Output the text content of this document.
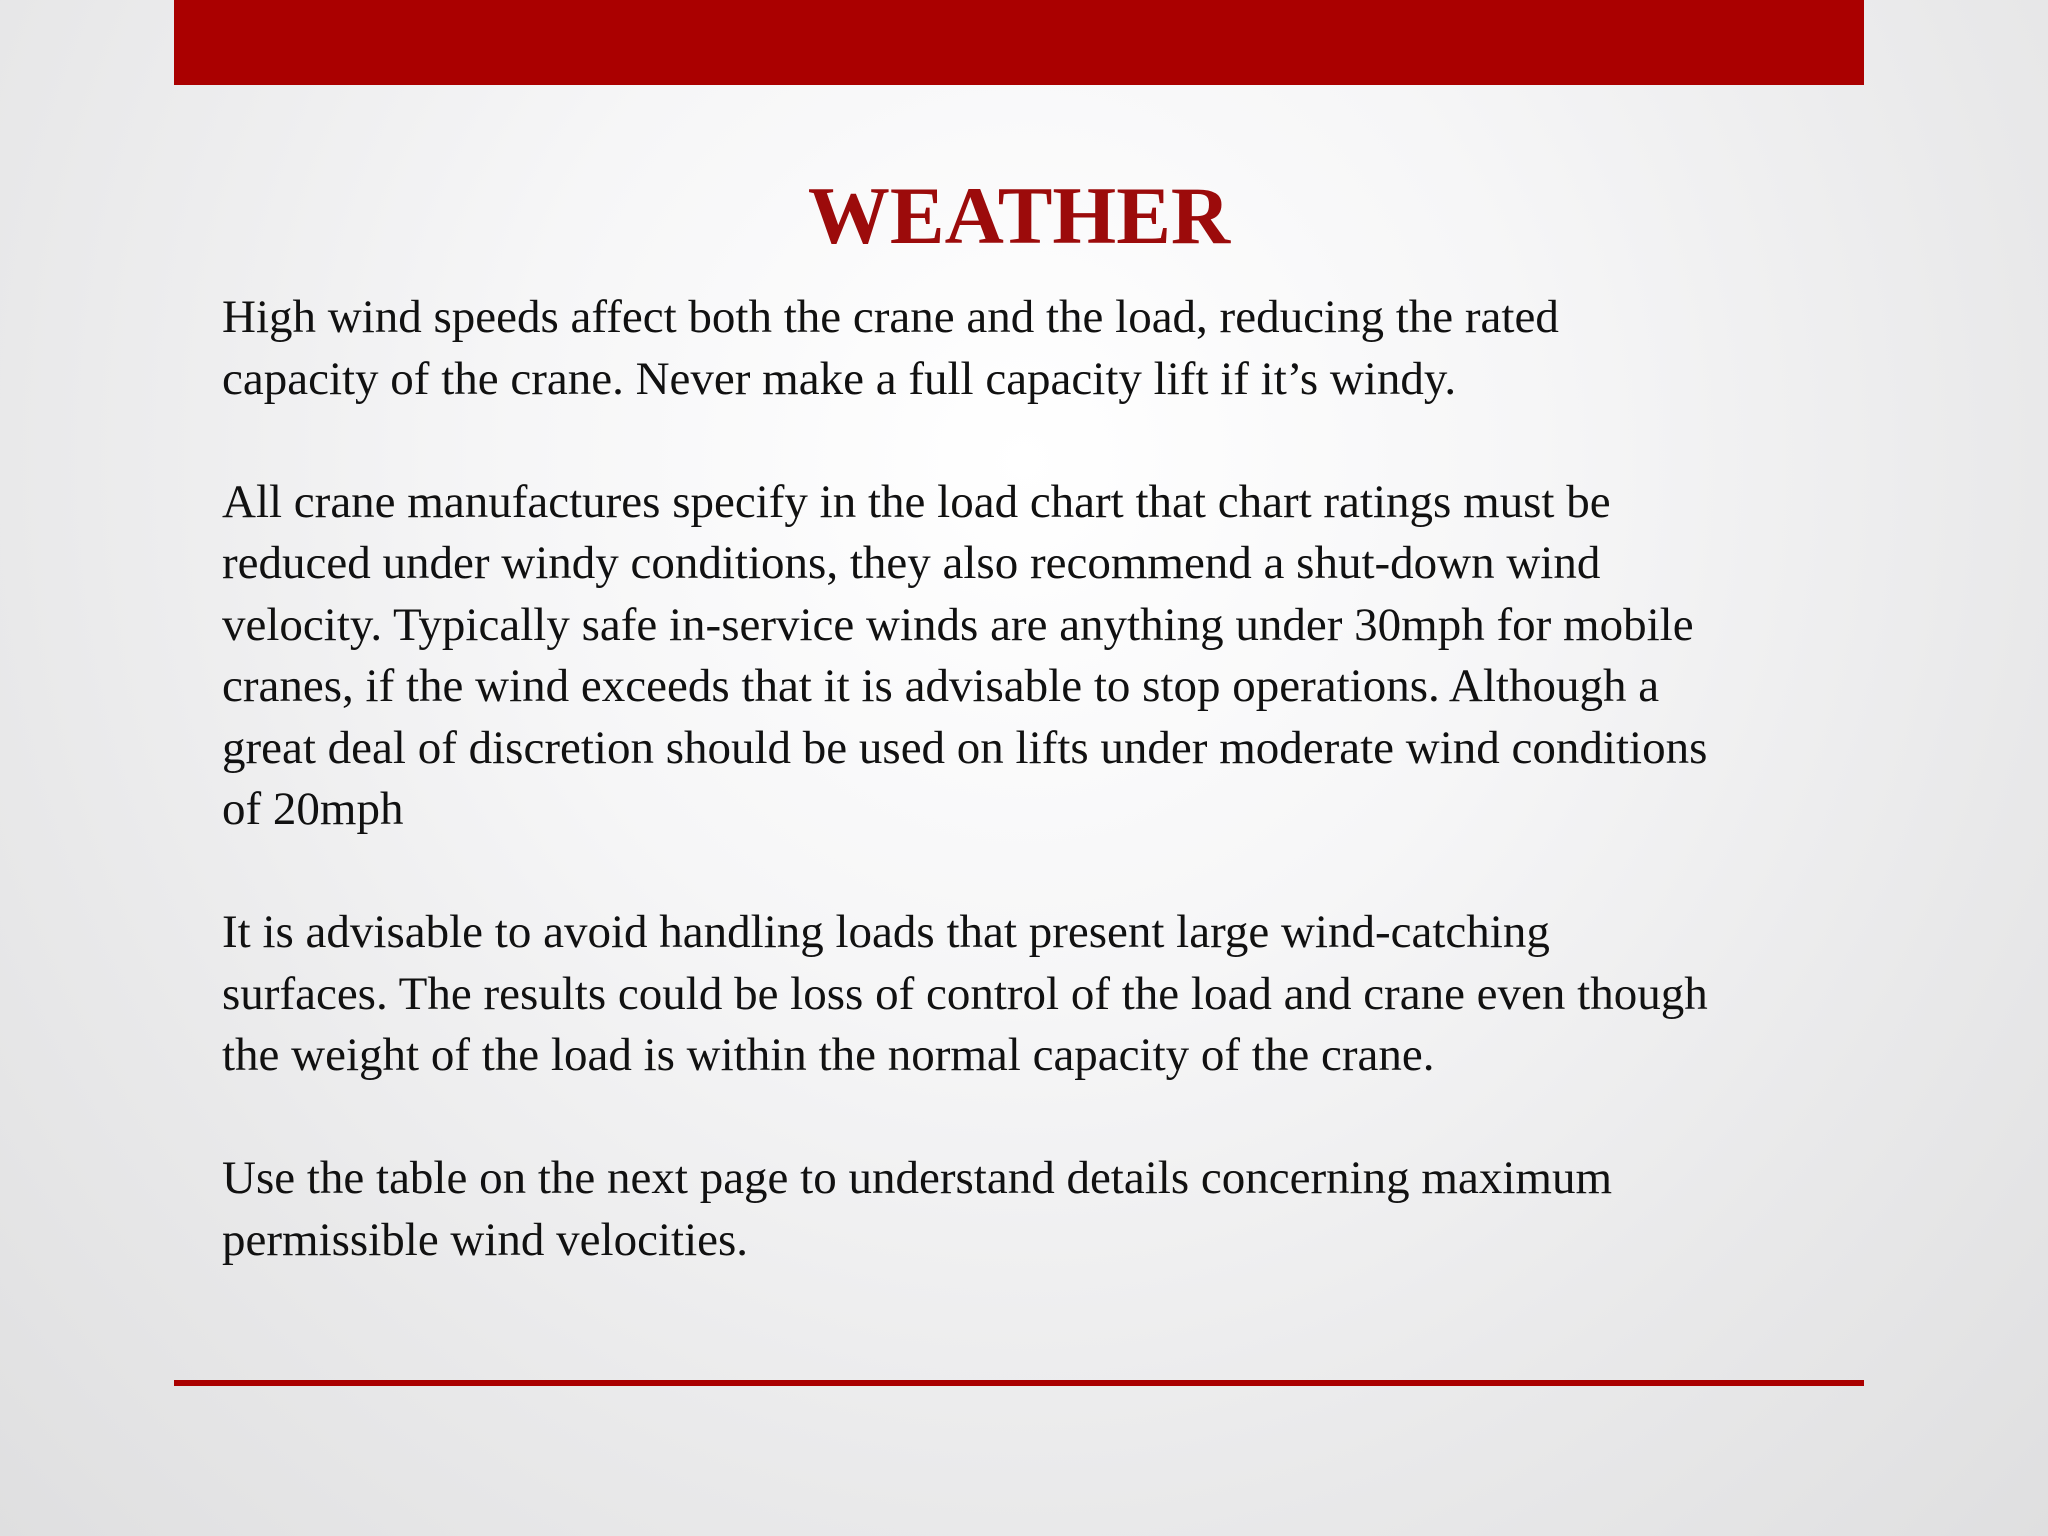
WEATHER

High wind speeds affect both the crane and the load, reducing the rated
capacity of the crane. Never make a full capacity lift if it’s windy.

All crane manufactures specify in the load chart that chart ratings must be
reduced under windy conditions, they also recommend a shut-down wind
velocity. Typically safe in-service winds are anything under 30mph for mobile
cranes, if the wind exceeds that it is advisable to stop operations. Although a
great deal of discretion should be used on lifts under moderate wind conditions
of 20mph

It is advisable to avoid handling loads that present large wind-catching
surfaces. The results could be loss of control of the load and crane even though
the weight of the load is within the normal capacity of the crane.

Use the table on the next page to understand details concerning maximum
permissible wind velocities.
